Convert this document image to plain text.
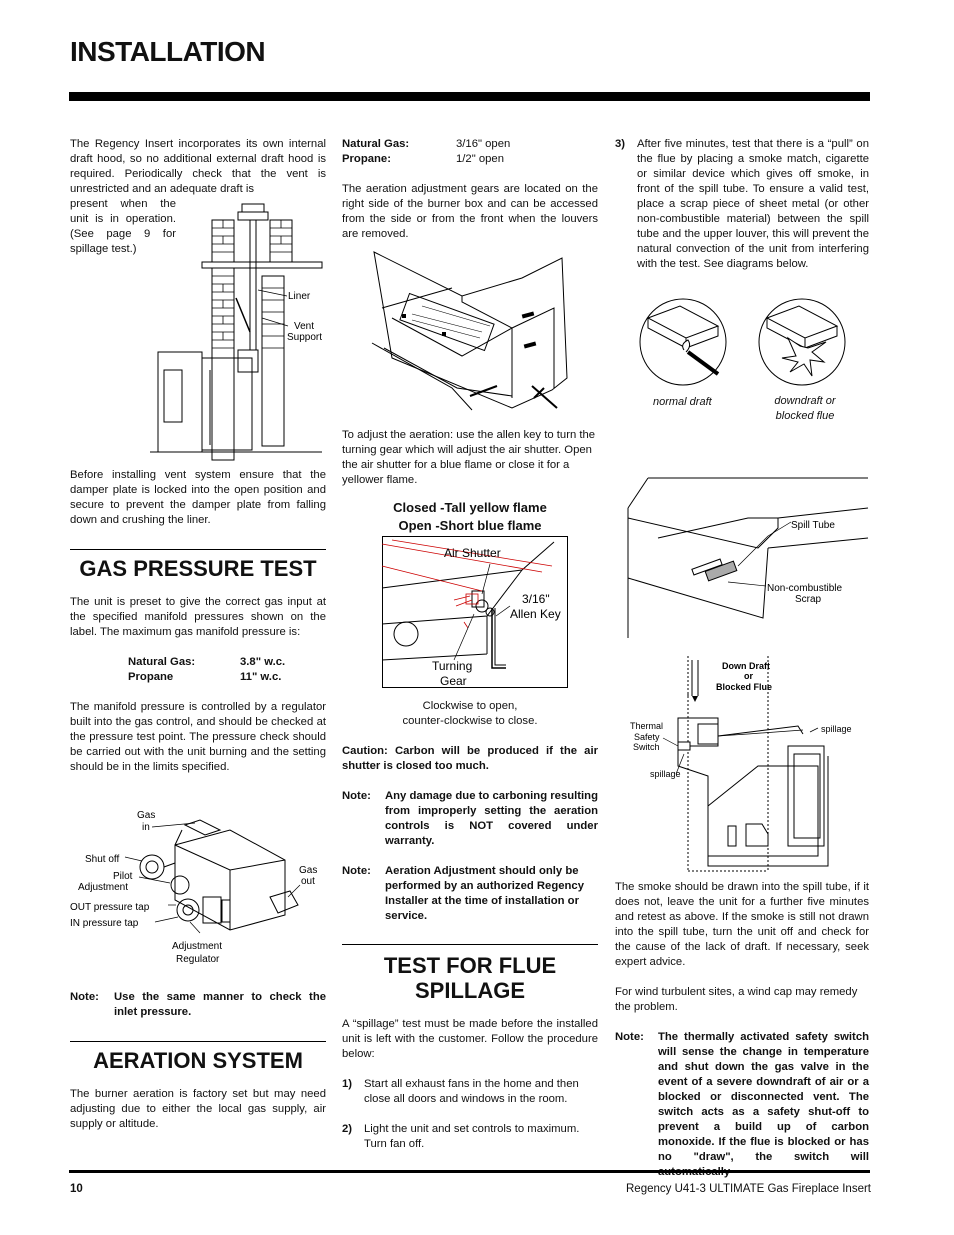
INSTALLATION
The Regency Insert incorporates its own internal draft hood, so no additional external draft hood is required. Periodically check that the vent is unrestricted and an adequate draft is
present when the
unit is in operation.
(See page 9 for
spillage test.)
Liner
Vent
Support
Before installing vent system ensure that the damper plate is locked into the open position and secure to prevent the damper plate from falling down and crushing the liner.
GAS PRESSURE TEST
The unit is preset to give the correct gas input at the specified manifold pressures shown on the label. The maximum gas manifold pressure is:
Natural Gas:	3.8" w.c.
Propane	11" w.c.
The manifold pressure is controlled by a regulator built into the gas control, and should be checked at the pressure test point. The pressure check should be carried out with the unit burning and the setting should be in the limits specified.
Gas
in
Shut off
Pilot
Adjustment
Gas
out
OUT pressure tap
IN pressure tap
Adjustment
Regulator
Note:	Use the same manner to check the inlet pressure.
AERATION SYSTEM
The burner aeration is factory set but may need adjusting due to either the local gas supply, air supply or altitude.
Natural Gas:	3/16" open
Propane:	1/2" open
The aeration adjustment gears are located on the right side of the burner box and can be accessed from the side or from the front when the louvers are removed.
To adjust the aeration: use the allen key to turn the turning gear which will adjust the air shutter. Open the air shutter for a blue flame or close it for a yellower flame.
Closed -Tall yellow flame
Open -Short blue flame
Air Shutter
3/16"
Allen Key
Turning
Gear
Clockwise to open,
counter-clockwise to close.
Caution: Carbon will be produced if the air shutter is closed too much.
Note:	Any damage due to carboning resulting from improperly setting the aeration controls is NOT covered under warranty.
Note:	Aeration Adjustment should only be performed by an authorized Regency Installer at the time of installation or service.
TEST FOR FLUE
SPILLAGE
A “spillage” test must be made before the installed unit is left with the customer. Follow the procedure below:
1)	Start all exhaust fans in the home and then close all doors and windows in the room.
2)	Light the unit and set controls to maximum. Turn fan off.
3)	After five minutes, test that there is a “pull” on the flue by placing a smoke match, cigarette or similar device which gives off smoke, in front of the spill tube. To ensure a valid test, place a scrap piece of sheet metal (or other non-combustible material) between the spill tube and the upper louver, this will prevent the natural convection of the unit from interfering with the test. See diagrams below.
normal draft	downdraft or
blocked flue
Spill Tube
Non-combustible
Scrap
Down Draft
or
Blocked Flue
Thermal
Safety
Switch
spillage
spillage
The smoke should be drawn into the spill tube, if it does not, leave the unit for a further five minutes and retest as above. If the smoke is still not drawn into the spill tube, turn the unit off and check for the cause of the lack of draft. If necessary, seek expert advice.
For wind turbulent sites, a wind cap may remedy the problem.
Note:	The thermally activated safety switch will sense the change in temperature and shut down the gas valve in the event of a severe downdraft of air or a blocked or disconnected vent. The switch acts as a safety shut-off to prevent a build up of carbon monoxide. If the flue is blocked or has no "draw", the switch will
10	Regency U41-3 ULTIMATE Gas Fireplace Insert
